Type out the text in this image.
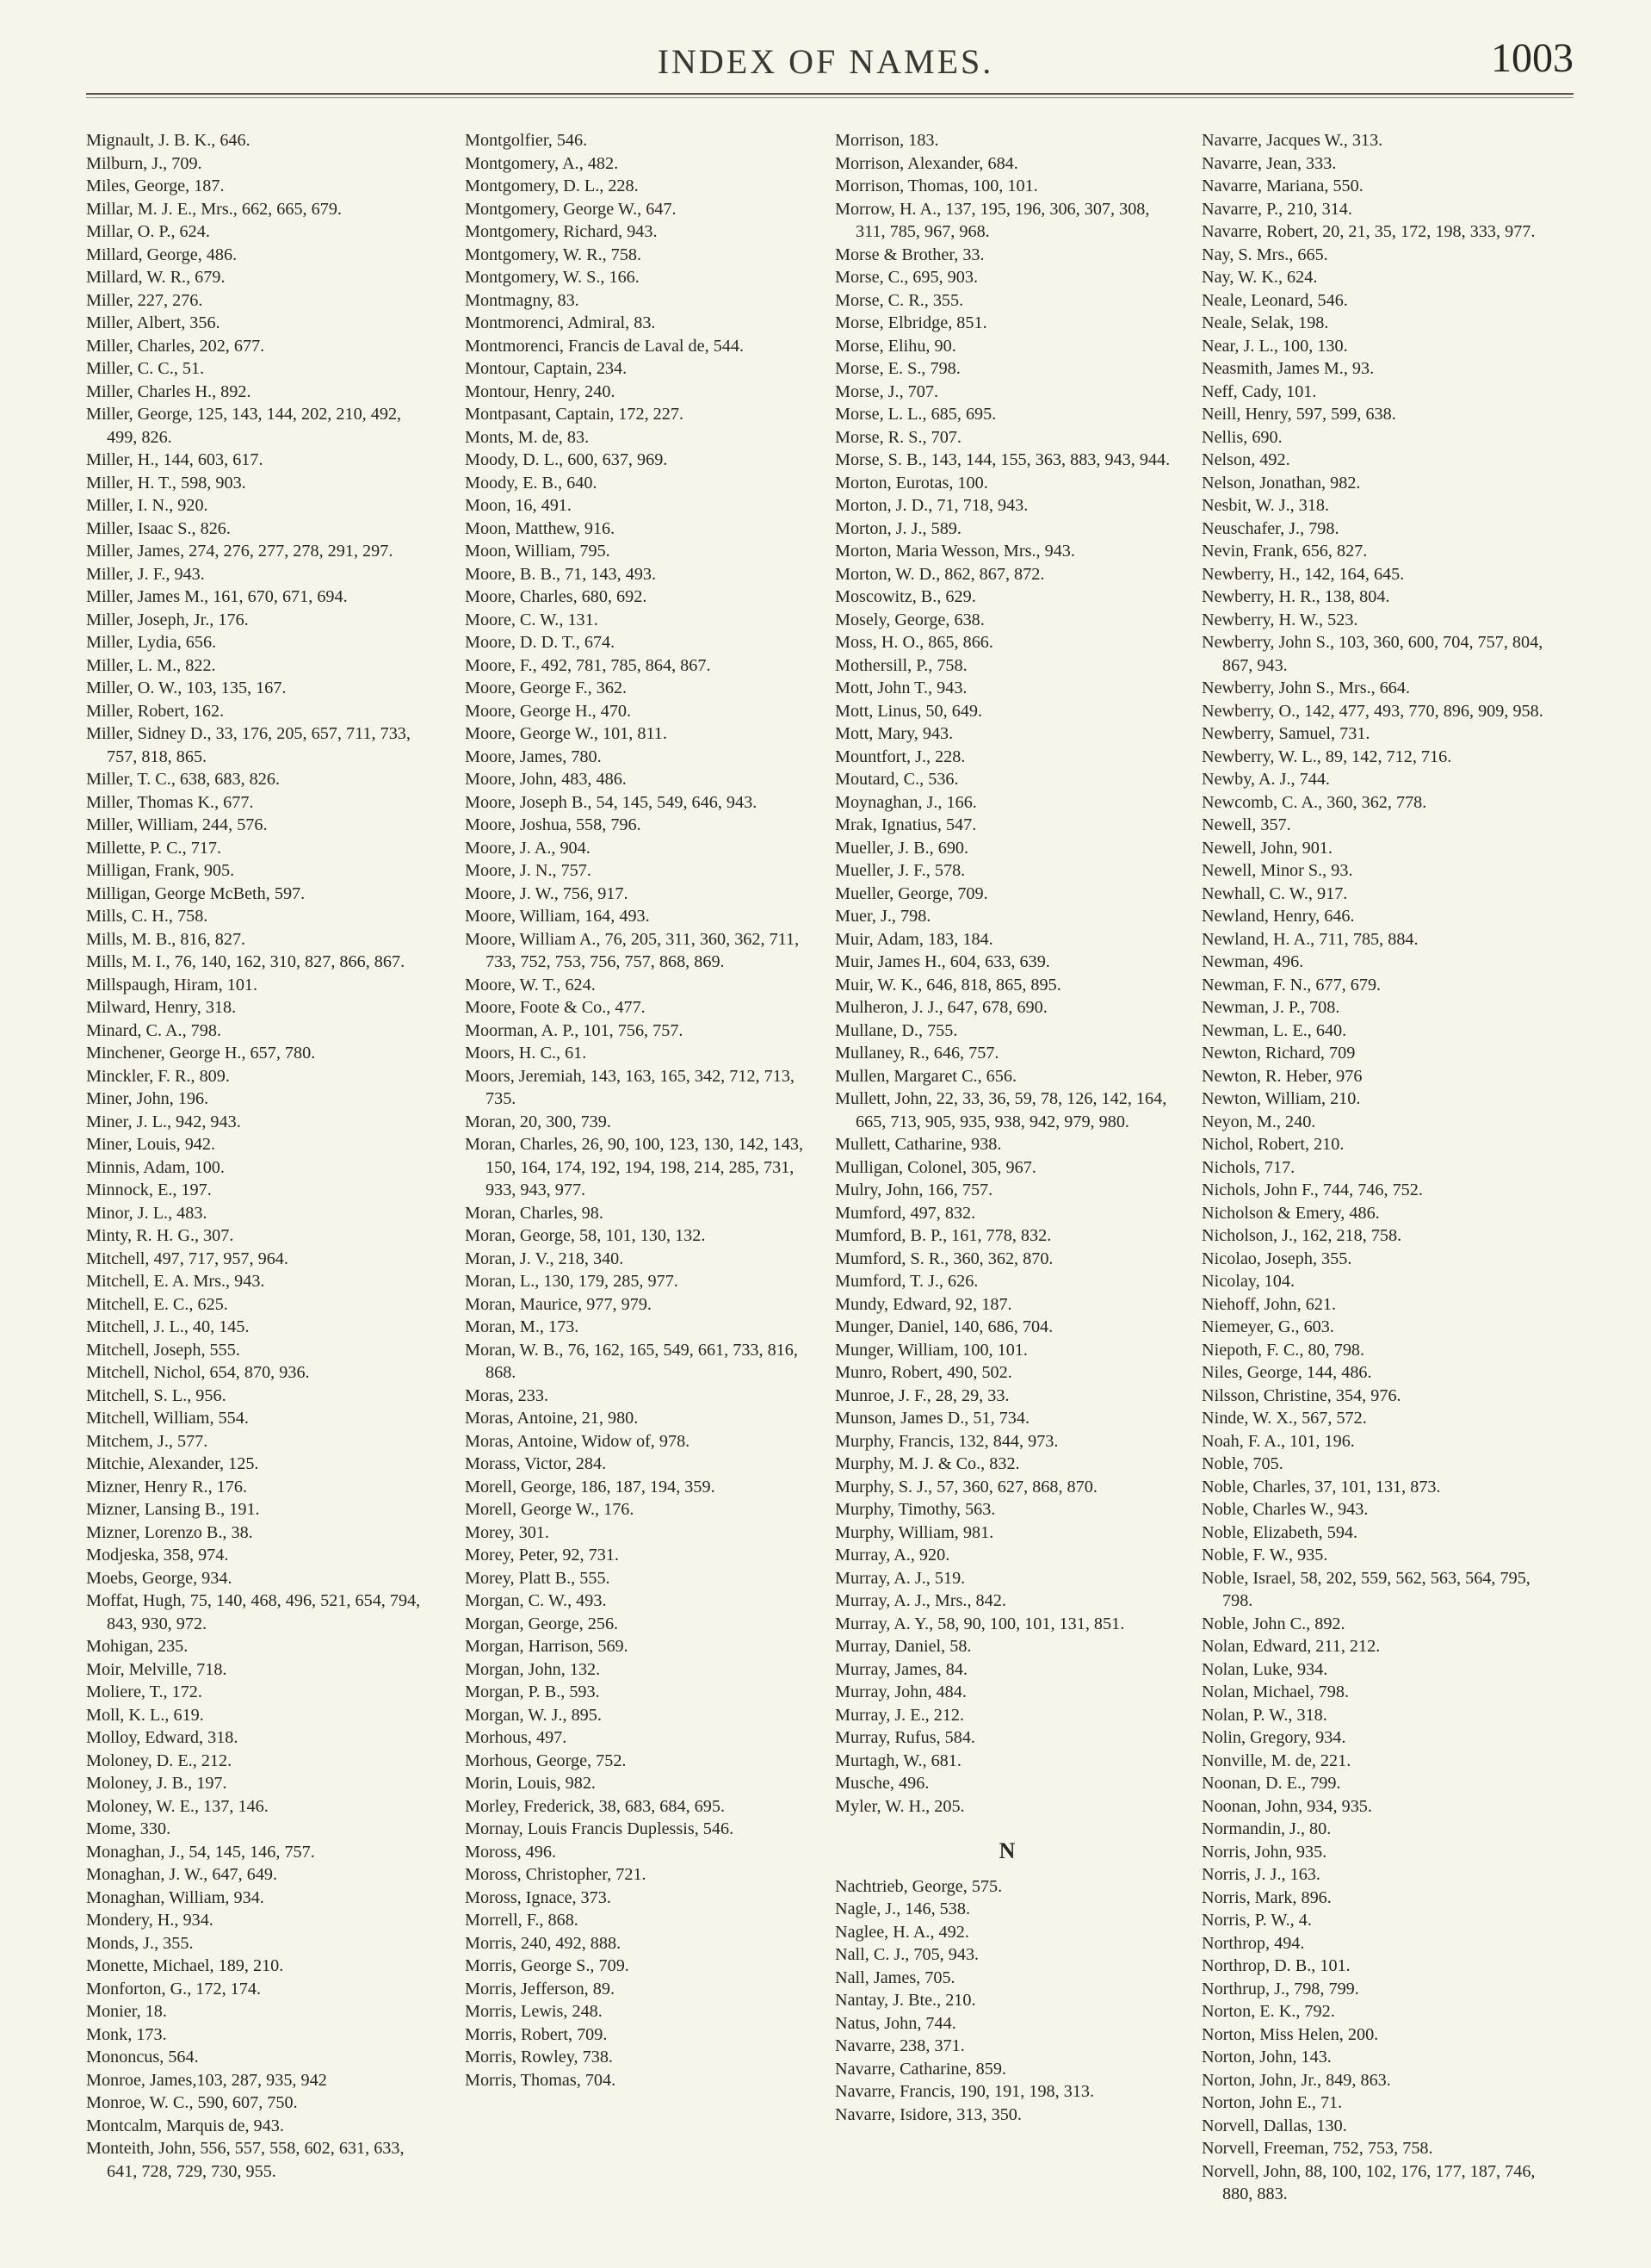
INDEX OF NAMES.	1003
Mignault, J. B. K., 646.
Milburn, J., 709.
Miles, George, 187.
Millar, M. J. E., Mrs., 662, 665, 679.
Millar, O. P., 624.
Millard, George, 486.
Millard, W. R., 679.
Miller, 227, 276.
Miller, Albert, 356.
Miller, Charles, 202, 677.
Miller, C. C., 51.
Miller, Charles H., 892.
Miller, George, 125, 143, 144, 202, 210, 492, 499, 826.
Miller, H., 144, 603, 617.
Miller, H. T., 598, 903.
Miller, I. N., 920.
Miller, Isaac S., 826.
Miller, James, 274, 276, 277, 278, 291, 297.
Miller, J. F., 943.
Miller, James M., 161, 670, 671, 694.
Miller, Joseph, Jr., 176.
Miller, Lydia, 656.
Miller, L. M., 822.
Miller, O. W., 103, 135, 167.
Miller, Robert, 162.
Miller, Sidney D., 33, 176, 205, 657, 711, 733, 757, 818, 865.
Miller, T. C., 638, 683, 826.
Miller, Thomas K., 677.
Miller, William, 244, 576.
Millette, P. C., 717.
Milligan, Frank, 905.
Milligan, George McBeth, 597.
Mills, C. H., 758.
Mills, M. B., 816, 827.
Mills, M. I., 76, 140, 162, 310, 827, 866, 867.
Millspaugh, Hiram, 101.
Milward, Henry, 318.
Minard, C. A., 798.
Minchener, George H., 657, 780.
Minckler, F. R., 809.
Miner, John, 196.
Miner, J. L., 942, 943.
Miner, Louis, 942.
Minnis, Adam, 100.
Minnock, E., 197.
Minor, J. L., 483.
Minty, R. H. G., 307.
Mitchell, 497, 717, 957, 964.
Mitchell, E. A. Mrs., 943.
Mitchell, E. C., 625.
Mitchell, J. L., 40, 145.
Mitchell, Joseph, 555.
Mitchell, Nichol, 654, 870, 936.
Mitchell, S. L., 956.
Mitchell, William, 554.
Mitchem, J., 577.
Mitchie, Alexander, 125.
Mizner, Henry R., 176.
Mizner, Lansing B., 191.
Mizner, Lorenzo B., 38.
Modjeska, 358, 974.
Moebs, George, 934.
Moffat, Hugh, 75, 140, 468, 496, 521, 654, 794, 843, 930, 972.
Mohigan, 235.
Moir, Melville, 718.
Moliere, T., 172.
Moll, K. L., 619.
Molloy, Edward, 318.
Moloney, D. E., 212.
Moloney, J. B., 197.
Moloney, W. E., 137, 146.
Mome, 330.
Monaghan, J., 54, 145, 146, 757.
Monaghan, J. W., 647, 649.
Monaghan, William, 934.
Mondery, H., 934.
Monds, J., 355.
Monette, Michael, 189, 210.
Monforton, G., 172, 174.
Monier, 18.
Monk, 173.
Mononcus, 564.
Monroe, James,103, 287, 935, 942
Monroe, W. C., 590, 607, 750.
Montcalm, Marquis de, 943.
Monteith, John, 556, 557, 558, 602, 631, 633, 641, 728, 729, 730, 955.
Montgolfier, 546.
Montgomery, A., 482.
Montgomery, D. L., 228.
Montgomery, George W., 647.
Montgomery, Richard, 943.
Montgomery, W. R., 758.
Montgomery, W. S., 166.
Montmagny, 83.
Montmorenci, Admiral, 83.
Montmorenci, Francis de Laval de, 544.
Montour, Captain, 234.
Montour, Henry, 240.
Montpasant, Captain, 172, 227.
Monts, M. de, 83.
Moody, D. L., 600, 637, 969.
Moody, E. B., 640.
Moon, 16, 491.
Moon, Matthew, 916.
Moon, William, 795.
Moore, B. B., 71, 143, 493.
Moore, Charles, 680, 692.
Moore, C. W., 131.
Moore, D. D. T., 674.
Moore, F., 492, 781, 785, 864, 867.
Moore, George F., 362.
Moore, George H., 470.
Moore, George W., 101, 811.
Moore, James, 780.
Moore, John, 483, 486.
Moore, Joseph B., 54, 145, 549, 646, 943.
Moore, Joshua, 558, 796.
Moore, J. A., 904.
Moore, J. N., 757.
Moore, J. W., 756, 917.
Moore, William, 164, 493.
Moore, William A., 76, 205, 311, 360, 362, 711, 733, 752, 753, 756, 757, 868, 869.
Moore, W. T., 624.
Moore, Foote & Co., 477.
Moorman, A. P., 101, 756, 757.
Moors, H. C., 61.
Moors, Jeremiah, 143, 163, 165, 342, 712, 713, 735.
Moran, 20, 300, 739.
Moran, Charles, 26, 90, 100, 123, 130, 142, 143, 150, 164, 174, 192, 194, 198, 214, 285, 731, 933, 943, 977.
Moran, Charles, 98.
Moran, George, 58, 101, 130, 132.
Moran, J. V., 218, 340.
Moran, L., 130, 179, 285, 977.
Moran, Maurice, 977, 979.
Moran, M., 173.
Moran, W. B., 76, 162, 165, 549, 661, 733, 816, 868.
Moras, 233.
Moras, Antoine, 21, 980.
Moras, Antoine, Widow of, 978.
Morass, Victor, 284.
Morell, George, 186, 187, 194, 359.
Morell, George W., 176.
Morey, 301.
Morey, Peter, 92, 731.
Morey, Platt B., 555.
Morgan, C. W., 493.
Morgan, George, 256.
Morgan, Harrison, 569.
Morgan, John, 132.
Morgan, P. B., 593.
Morgan, W. J., 895.
Morhous, 497.
Morhous, George, 752.
Morin, Louis, 982.
Morley, Frederick, 38, 683, 684, 695.
Mornay, Louis Francis Duplessis, 546.
Moross, 496.
Moross, Christopher, 721.
Moross, Ignace, 373.
Morrell, F., 868.
Morris, 240, 492, 888.
Morris, George S., 709.
Morris, Jefferson, 89.
Morris, Lewis, 248.
Morris, Robert, 709.
Morris, Rowley, 738.
Morris, Thomas, 704.
Morrison, 183.
Morrison, Alexander, 684.
Morrison, Thomas, 100, 101.
Morrow, H. A., 137, 195, 196, 306, 307, 308, 311, 785, 967, 968.
Morse & Brother, 33.
Morse, C., 695, 903.
Morse, C. R., 355.
Morse, Elbridge, 851.
Morse, Elihu, 90.
Morse, E. S., 798.
Morse, J., 707.
Morse, L. L., 685, 695.
Morse, R. S., 707.
Morse, S. B., 143, 144, 155, 363, 883, 943, 944.
Morton, Eurotas, 100.
Morton, J. D., 71, 718, 943.
Morton, J. J., 589.
Morton, Maria Wesson, Mrs., 943.
Morton, W. D., 862, 867, 872.
Moscowitz, B., 629.
Mosely, George, 638.
Moss, H. O., 865, 866.
Mothersill, P., 758.
Mott, John T., 943.
Mott, Linus, 50, 649.
Mott, Mary, 943.
Mountfort, J., 228.
Moutard, C., 536.
Moynaghan, J., 166.
Mrak, Ignatius, 547.
Mueller, J. B., 690.
Mueller, J. F., 578.
Mueller, George, 709.
Muer, J., 798.
Muir, Adam, 183, 184.
Muir, James H., 604, 633, 639.
Muir, W. K., 646, 818, 865, 895.
Mulheron, J. J., 647, 678, 690.
Mullane, D., 755.
Mullaney, R., 646, 757.
Mullen, Margaret C., 656.
Mullett, John, 22, 33, 36, 59, 78, 126, 142, 164, 665, 713, 905, 935, 938, 942, 979, 980.
Mullett, Catharine, 938.
Mulligan, Colonel, 305, 967.
Mulry, John, 166, 757.
Mumford, 497, 832.
Mumford, B. P., 161, 778, 832.
Mumford, S. R., 360, 362, 870.
Mumford, T. J., 626.
Mundy, Edward, 92, 187.
Munger, Daniel, 140, 686, 704.
Munger, William, 100, 101.
Munro, Robert, 490, 502.
Munroe, J. F., 28, 29, 33.
Munson, James D., 51, 734.
Murphy, Francis, 132, 844, 973.
Murphy, M. J. & Co., 832.
Murphy, S. J., 57, 360, 627, 868, 870.
Murphy, Timothy, 563.
Murphy, William, 981.
Murray, A., 920.
Murray, A. J., 519.
Murray, A. J., Mrs., 842.
Murray, A. Y., 58, 90, 100, 101, 131, 851.
Murray, Daniel, 58.
Murray, James, 84.
Murray, John, 484.
Murray, J. E., 212.
Murray, Rufus, 584.
Murtagh, W., 681.
Musche, 496.
Myler, W. H., 205.
N
Nachtrieb, George, 575.
Nagle, J., 146, 538.
Naglee, H. A., 492.
Nall, C. J., 705, 943.
Nall, James, 705.
Nantay, J. Bte., 210.
Natus, John, 744.
Navarre, 238, 371.
Navarre, Catharine, 859.
Navarre, Francis, 190, 191, 198, 313.
Navarre, Isidore, 313, 350.
Navarre, Jacques W., 313.
Navarre, Jean, 333.
Navarre, Mariana, 550.
Navarre, P., 210, 314.
Navarre, Robert, 20, 21, 35, 172, 198, 333, 977.
Nay, S. Mrs., 665.
Nay, W. K., 624.
Neale, Leonard, 546.
Neale, Selak, 198.
Near, J. L., 100, 130.
Neasmith, James M., 93.
Neff, Cady, 101.
Neill, Henry, 597, 599, 638.
Nellis, 690.
Nelson, 492.
Nelson, Jonathan, 982.
Nesbit, W. J., 318.
Neuschafer, J., 798.
Nevin, Frank, 656, 827.
Newberry, H., 142, 164, 645.
Newberry, H. R., 138, 804.
Newberry, H. W., 523.
Newberry, John S., 103, 360, 600, 704, 757, 804, 867, 943.
Newberry, John S., Mrs., 664.
Newberry, O., 142, 477, 493, 770, 896, 909, 958.
Newberry, Samuel, 731.
Newberry, W. L., 89, 142, 712, 716.
Newby, A. J., 744.
Newcomb, C. A., 360, 362, 778.
Newell, 357.
Newell, John, 901.
Newell, Minor S., 93.
Newhall, C. W., 917.
Newland, Henry, 646.
Newland, H. A., 711, 785, 884.
Newman, 496.
Newman, F. N., 677, 679.
Newman, J. P., 708.
Newman, L. E., 640.
Newton, Richard, 709
Newton, R. Heber, 976
Newton, William, 210.
Neyon, M., 240.
Nichol, Robert, 210.
Nichols, 717.
Nichols, John F., 744, 746, 752.
Nicholson & Emery, 486.
Nicholson, J., 162, 218, 758.
Nicolao, Joseph, 355.
Nicolay, 104.
Niehoff, John, 621.
Niemeyer, G., 603.
Niepoth, F. C., 80, 798.
Niles, George, 144, 486.
Nilsson, Christine, 354, 976.
Ninde, W. X., 567, 572.
Noah, F. A., 101, 196.
Noble, 705.
Noble, Charles, 37, 101, 131, 873.
Noble, Charles W., 943.
Noble, Elizabeth, 594.
Noble, F. W., 935.
Noble, Israel, 58, 202, 559, 562, 563, 564, 795, 798.
Noble, John C., 892.
Nolan, Edward, 211, 212.
Nolan, Luke, 934.
Nolan, Michael, 798.
Nolan, P. W., 318.
Nolin, Gregory, 934.
Nonville, M. de, 221.
Noonan, D. E., 799.
Noonan, John, 934, 935.
Normandin, J., 80.
Norris, John, 935.
Norris, J. J., 163.
Norris, Mark, 896.
Norris, P. W., 4.
Northrop, 494.
Northrop, D. B., 101.
Northrup, J., 798, 799.
Norton, E. K., 792.
Norton, Miss Helen, 200.
Norton, John, 143.
Norton, John, Jr., 849, 863.
Norton, John E., 71.
Norvell, Dallas, 130.
Norvell, Freeman, 752, 753, 758.
Norvell, John, 88, 100, 102, 176, 177, 187, 746, 880, 883.
